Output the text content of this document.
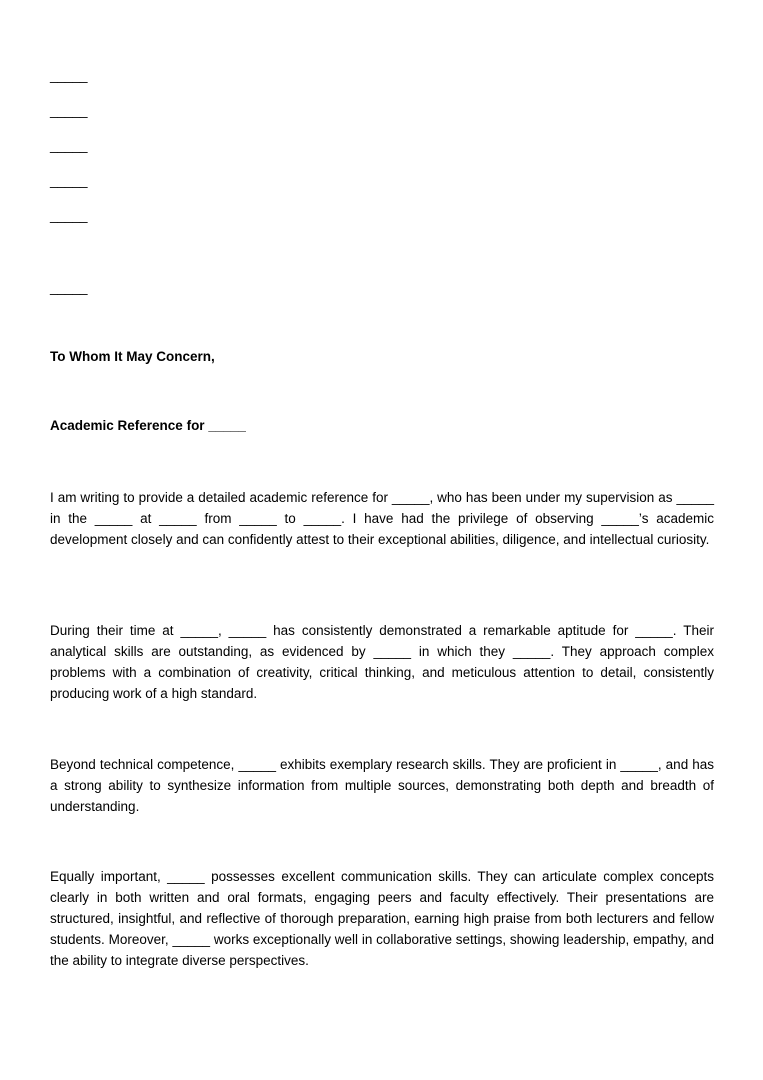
_____
_____
_____
_____
_____
_____
To Whom It May Concern,
Academic Reference for _____

I am writing to provide a detailed academic reference for _____, who has been under my supervision as _____ in the _____ at _____ from _____ to _____. I have had the privilege of observing _____’s academic development closely and can confidently attest to their exceptional abilities, diligence, and intellectual curiosity.

During their time at _____, _____ has consistently demonstrated a remarkable aptitude for _____. Their analytical skills are outstanding, as evidenced by _____ in which they _____. They approach complex problems with a combination of creativity, critical thinking, and meticulous attention to detail, consistently producing work of a high standard.

Beyond technical competence, _____ exhibits exemplary research skills. They are proficient in _____, and has a strong ability to synthesize information from multiple sources, demonstrating both depth and breadth of understanding.

Equally important, _____ possesses excellent communication skills. They can articulate complex concepts clearly in both written and oral formats, engaging peers and faculty effectively. Their presentations are structured, insightful, and reflective of thorough preparation, earning high praise from both lecturers and fellow students. Moreover, _____ works exceptionally well in collaborative settings, showing leadership, empathy, and the ability to integrate diverse perspectives.
